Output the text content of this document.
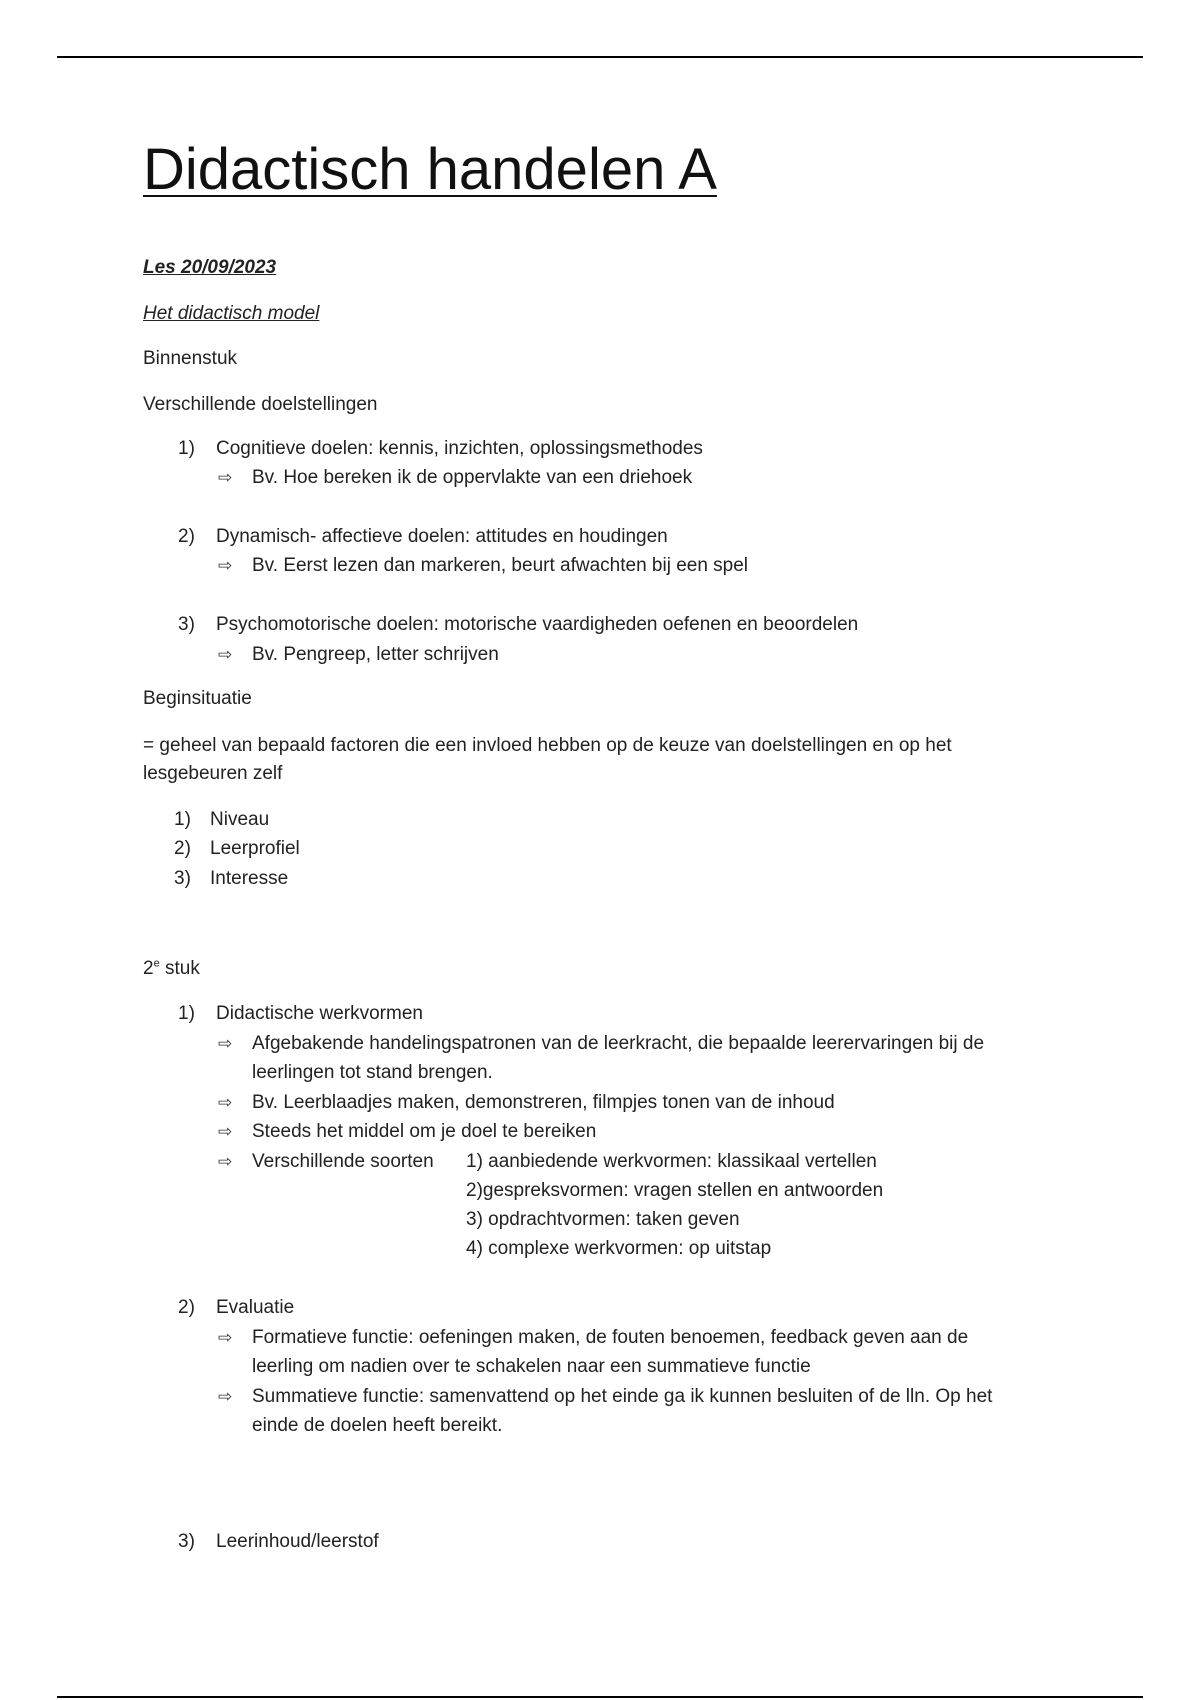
Didactisch handelen A
Les 20/09/2023
Het didactisch model
Binnenstuk
Verschillende doelstellingen
1) Cognitieve doelen: kennis, inzichten, oplossingsmethodes
⇨ Bv. Hoe bereken ik de oppervlakte van een driehoek
2) Dynamisch- affectieve doelen: attitudes en houdingen
⇨ Bv. Eerst lezen dan markeren, beurt afwachten bij een spel
3) Psychomotorische doelen: motorische vaardigheden oefenen en beoordelen
⇨ Bv. Pengreep, letter schrijven
Beginsituatie
= geheel van bepaald factoren die een invloed hebben op de keuze van doelstellingen en op het
lesgebeuren zelf
1) Niveau
2) Leerprofiel
3) Interesse
2e stuk
1) Didactische werkvormen
⇨ Afgebakende handelingspatronen van de leerkracht, die bepaalde leerervaringen bij de
leerlingen tot stand brengen.
⇨ Bv. Leerblaadjes maken, demonstreren, filmpjes tonen van de inhoud
⇨ Steeds het middel om je doel te bereiken
⇨ Verschillende soorten 1) aanbiedende werkvormen: klassikaal vertellen
2)gespreksvormen: vragen stellen en antwoorden
3) opdrachtvormen: taken geven
4) complexe werkvormen: op uitstap
2) Evaluatie
⇨ Formatieve functie: oefeningen maken, de fouten benoemen, feedback geven aan de
leerling om nadien over te schakelen naar een summatieve functie
⇨ Summatieve functie: samenvattend op het einde ga ik kunnen besluiten of de lln. Op het
einde de doelen heeft bereikt.
3) Leerinhoud/leerstof
